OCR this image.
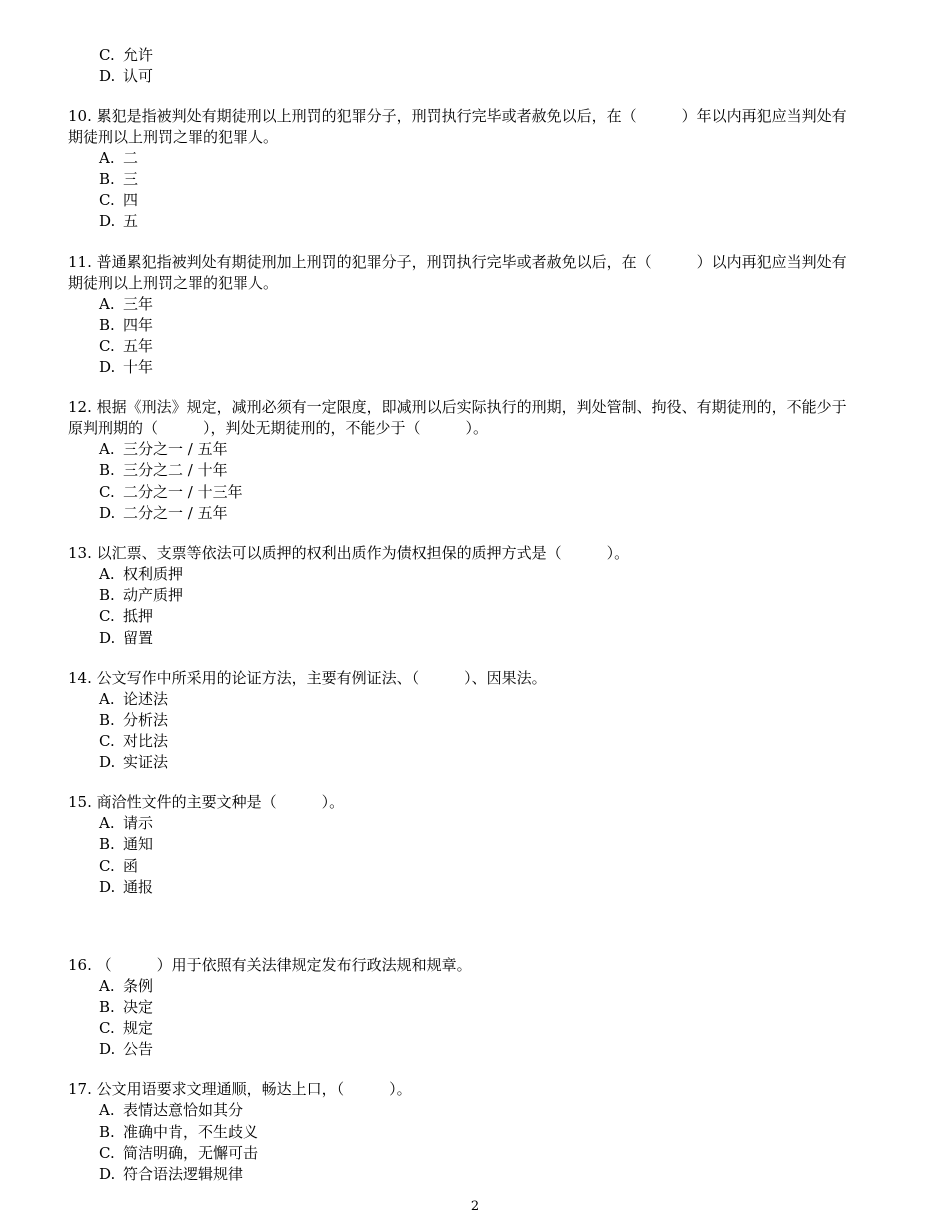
C. 允许
D. 认可
10. 累犯是指被判处有期徒刑以上刑罚的犯罪分子，刑罚执行完毕或者赦免以后，在（　　　）年以内再犯应当判处有
期徒刑以上刑罚之罪的犯罪人。
A. 二
B. 三
C. 四
D. 五
11. 普通累犯指被判处有期徒刑加上刑罚的犯罪分子，刑罚执行完毕或者赦免以后，在（　　　）以内再犯应当判处有
期徒刑以上刑罚之罪的犯罪人。
A. 三年
B. 四年
C. 五年
D. 十年
12. 根据《刑法》规定，减刑必须有一定限度，即减刑以后实际执行的刑期，判处管制、拘役、有期徒刑的，不能少于
原判刑期的（　　　），判处无期徒刑的，不能少于（　　　）。
A. 三分之一 / 五年
B. 三分之二 / 十年
C. 二分之一 / 十三年
D. 二分之一 / 五年
13. 以汇票、支票等依法可以质押的权利出质作为债权担保的质押方式是（　　　）。
A. 权利质押
B. 动产质押
C. 抵押
D. 留置
14. 公文写作中所采用的论证方法，主要有例证法、（　　　）、因果法。
A. 论述法
B. 分析法
C. 对比法
D. 实证法
15. 商洽性文件的主要文种是（　　　）。
A. 请示
B. 通知
C. 函
D. 通报
16. （　　　）用于依照有关法律规定发布行政法规和规章。
A. 条例
B. 决定
C. 规定
D. 公告
17. 公文用语要求文理通顺，畅达上口，（　　　）。
A. 表情达意恰如其分
B. 准确中肯，不生歧义
C. 简洁明确，无懈可击
D. 符合语法逻辑规律
2
